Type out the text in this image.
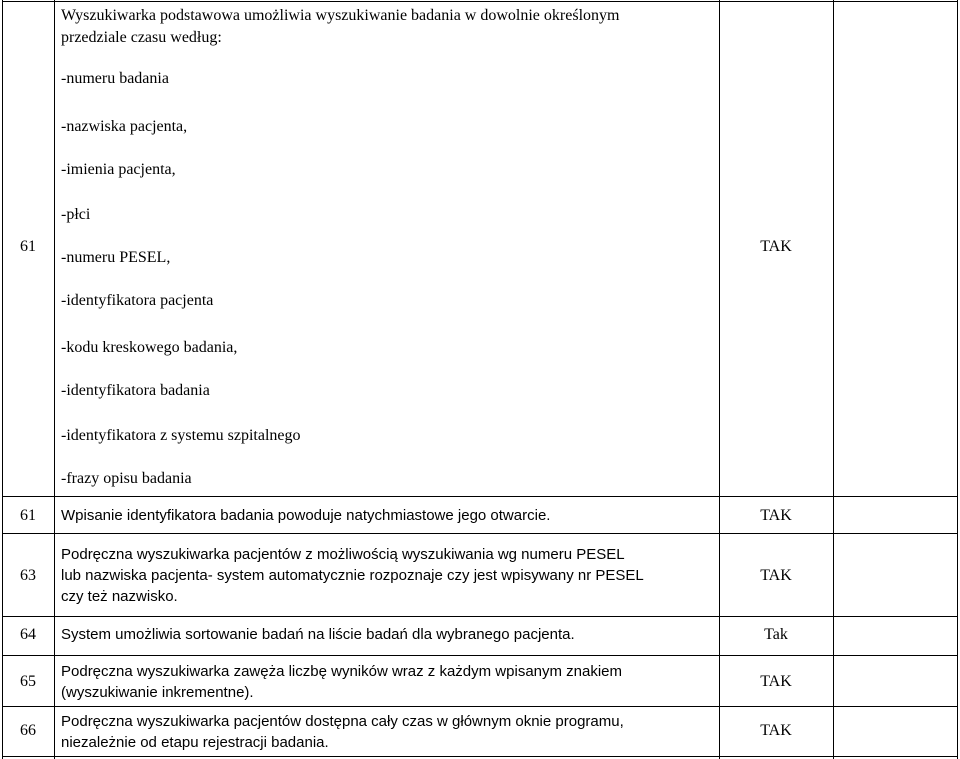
61
Wyszukiwarka podstawowa umożliwia wyszukiwanie badania w dowolnie określonym
przedziale czasu według:
-numeru badania
-nazwiska pacjenta,
-imienia pacjenta,
-płci
-numeru PESEL,
-identyfikatora pacjenta
-kodu kreskowego badania,
-identyfikatora badania
-identyfikatora z systemu szpitalnego
-frazy opisu badania
TAK
61 Wpisanie identyfikatora badania powoduje natychmiastowe jego otwarcie.	TAK
63
Podręczna wyszukiwarka pacjentów z możliwością wyszukiwania wg numeru PESEL
lub nazwiska pacjenta- system automatycznie rozpoznaje czy jest wpisywany nr PESEL
czy też nazwisko.
TAK
64 System umożliwia sortowanie badań na liście badań dla wybranego pacjenta.	Tak
65
Podręczna wyszukiwarka zawęża liczbę wyników wraz z każdym wpisanym znakiem
(wyszukiwanie inkrementne).
TAK
66
Podręczna wyszukiwarka pacjentów dostępna cały czas w głównym oknie programu,
niezależnie od etapu rejestracji badania.
TAK
